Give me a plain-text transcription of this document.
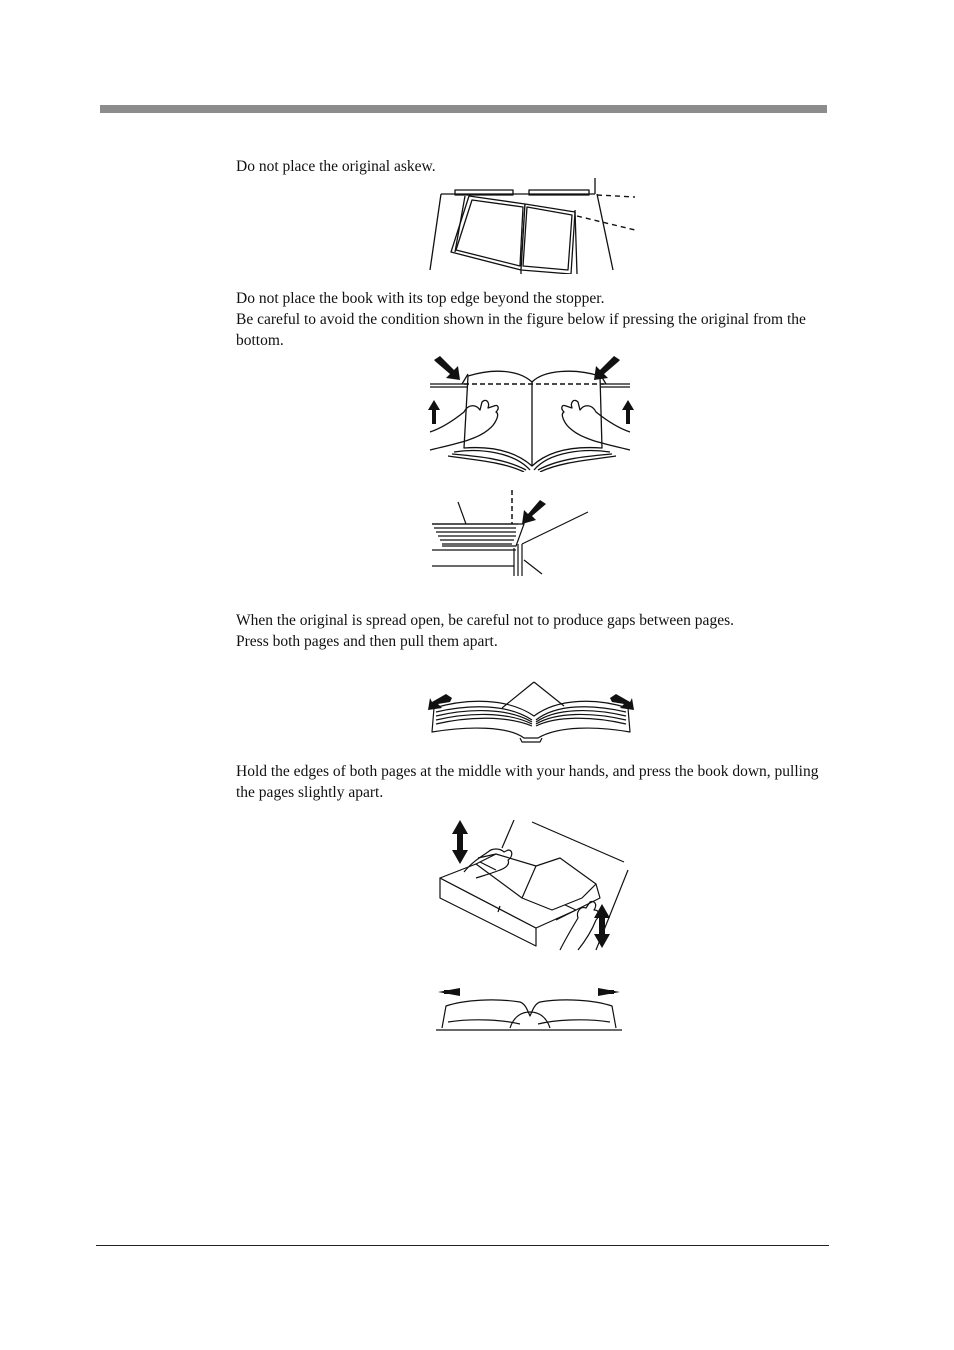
Do not place the original askew.

Do not place the book with its top edge beyond the stopper.
Be careful to avoid the condition shown in the figure below if pressing the original from the bottom.

When the original is spread open, be careful not to produce gaps between pages.
Press both pages and then pull them apart.

Hold the edges of both pages at the middle with your hands, and press the book down, pulling the pages slightly apart.
